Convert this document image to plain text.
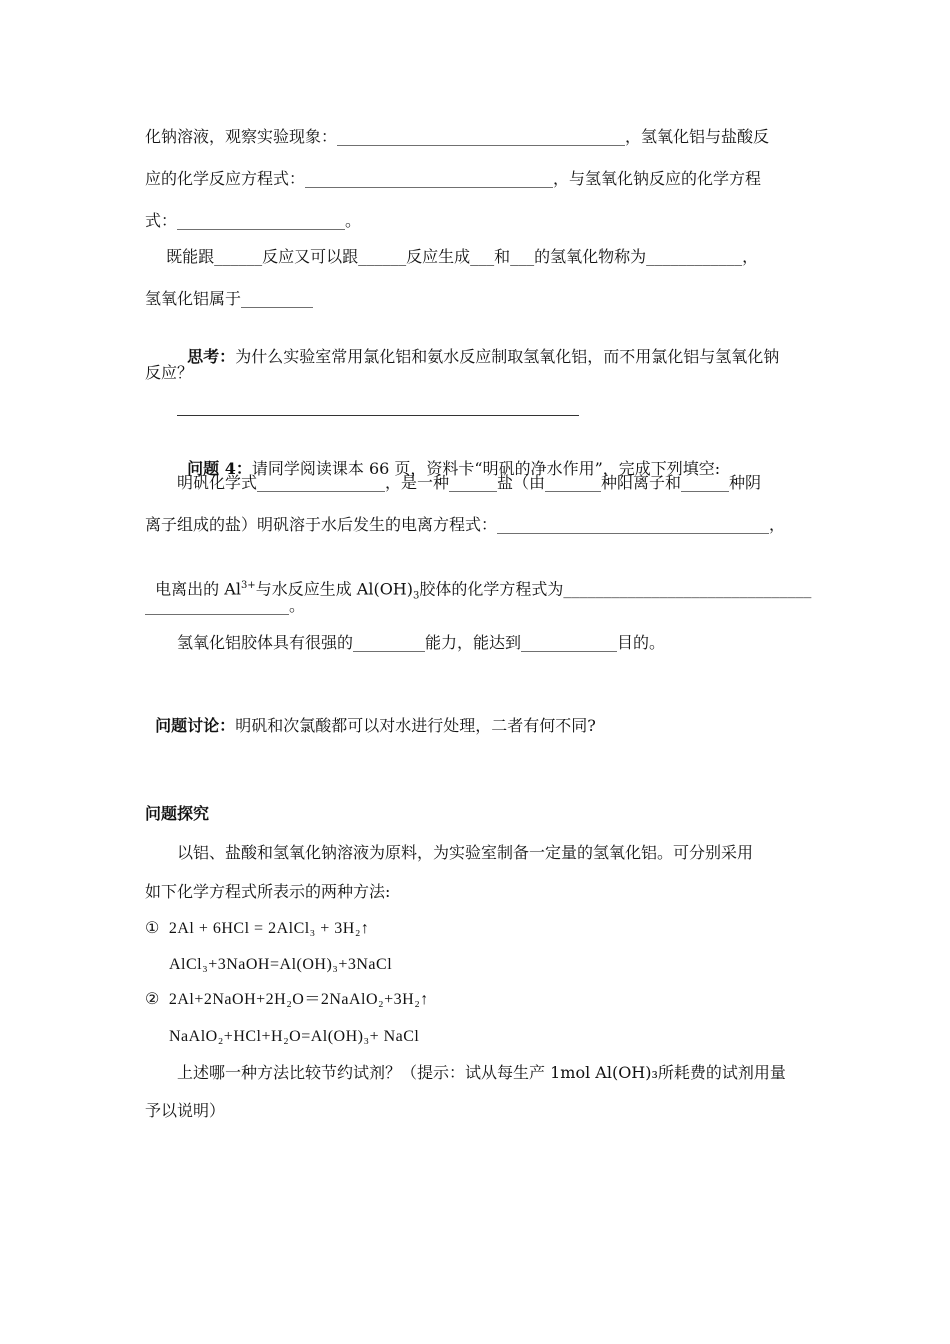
化钠溶液，观察实验现象：____________________________________，氢氧化铝与盐酸反
应的化学反应方程式：_______________________________，与氢氧化钠反应的化学方程
式：_____________________。
　 既能跟______反应又可以跟______反应生成___和___的氢氧化物称为____________，
氢氧化铝属于_________

思考：为什么实验室常用氯化铝和氨水反应制取氢氧化铝，而不用氯化铝与氢氧化钠

反应？

问题 4：请同学阅读课本 66 页，资料卡“明矾的净水作用”，完成下列填空:

明矾化学式________________，是一种______盐（由_______种阳离子和______种阴
离子组成的盐）明矾溶于水后发生的电离方程式：__________________________________，

电离出的 $Al^{3+}$与水反应生成 $Al(OH)_3$胶体的化学方程式为_______________________________

__________________。
氢氧化铝胶体具有很强的_________能力，能达到____________目的。

问题讨论：明矾和次氯酸都可以对水进行处理，二者有何不同?

问题探究
以铝、盐酸和氢氧化钠溶液为原料，为实验室制备一定量的氢氧化铝。可分别采用
如下化学方程式所表示的两种方法:
①  2Al + 6HCl = 2AlCl₃ + 3H₂↑
AlCl₃+3NaOH=Al(OH)₃+3NaCl
②  2Al+2NaOH+2H₂O＝2NaAlO₂+3H₂↑
NaAlO₂+HCl+H₂O=Al(OH)₃+ NaCl
上述哪一种方法比较节约试剂？（提示：试从每生产 1mol Al(OH)₃所耗费的试剂用量
予以说明）
